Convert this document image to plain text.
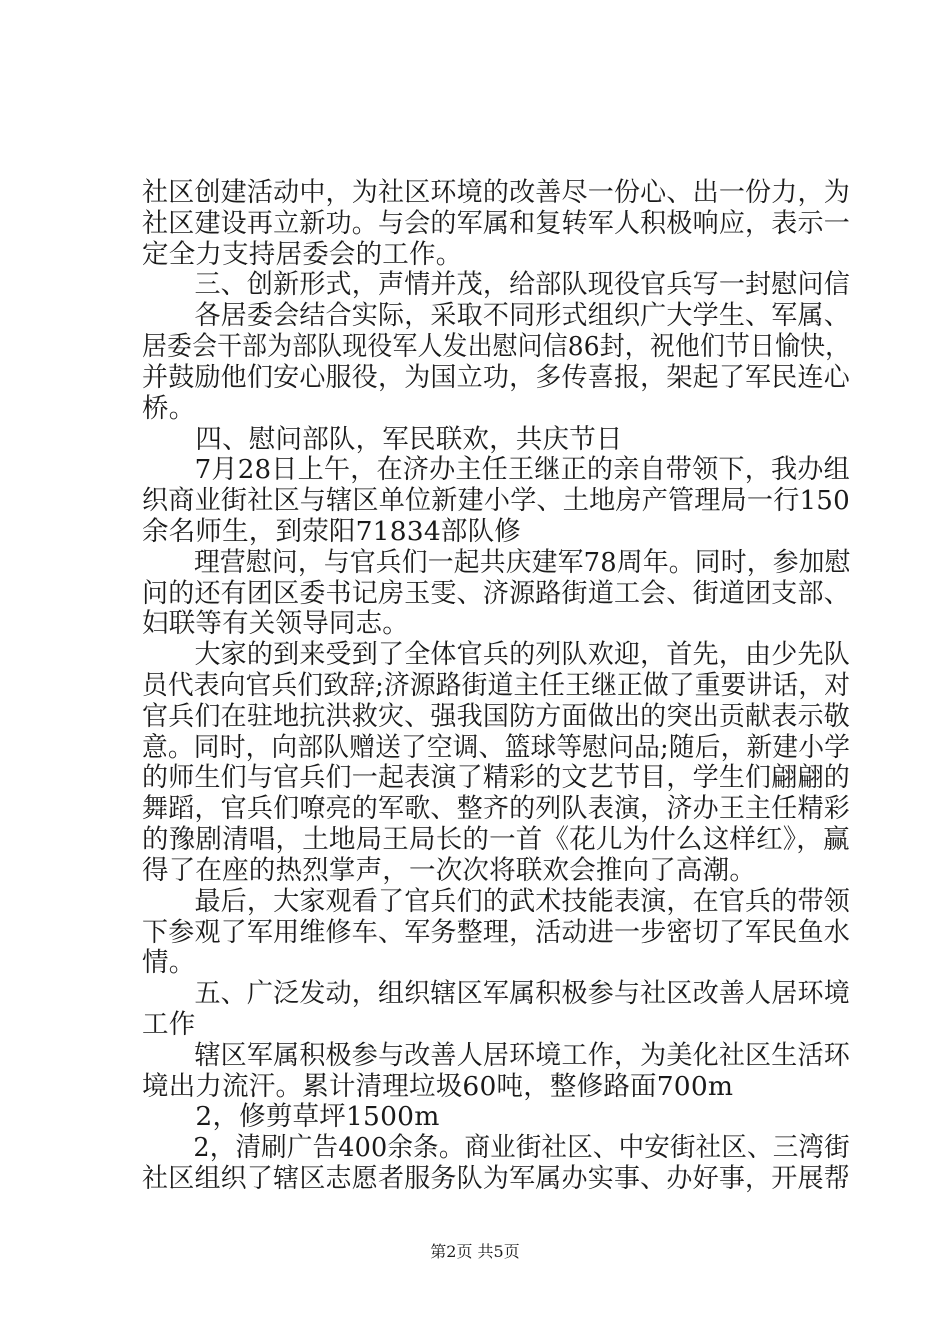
社区创建活动中，为社区环境的改善尽一份心、出一份力，为
社区建设再立新功。与会的军属和复转军人积极响应，表示一
定全力支持居委会的工作。
　　三、创新形式，声情并茂，给部队现役官兵写一封慰问信
　　各居委会结合实际，采取不同形式组织广大学生、军属、
居委会干部为部队现役军人发出慰问信86封，祝他们节日愉快，
并鼓励他们安心服役，为国立功，多传喜报，架起了军民连心
桥。
　　四、慰问部队，军民联欢，共庆节日
　　7月28日上午，在济办主任王继正的亲自带领下，我办组
织商业街社区与辖区单位新建小学、土地房产管理局一行150
余名师生，到荥阳71834部队修
　　理营慰问，与官兵们一起共庆建军78周年。同时，参加慰
问的还有团区委书记房玉雯、济源路街道工会、街道团支部、
妇联等有关领导同志。
　　大家的到来受到了全体官兵的列队欢迎，首先，由少先队
员代表向官兵们致辞;济源路街道主任王继正做了重要讲话，对
官兵们在驻地抗洪救灾、强我国防方面做出的突出贡献表示敬
意。同时，向部队赠送了空调、篮球等慰问品;随后，新建小学
的师生们与官兵们一起表演了精彩的文艺节目，学生们翩翩的
舞蹈，官兵们嘹亮的军歌、整齐的列队表演，济办王主任精彩
的豫剧清唱，土地局王局长的一首《花儿为什么这样红》，赢
得了在座的热烈掌声，一次次将联欢会推向了高潮。
　　最后，大家观看了官兵们的武术技能表演，在官兵的带领
下参观了军用维修车、军务整理，活动进一步密切了军民鱼水
情。
　　五、广泛发动，组织辖区军属积极参与社区改善人居环境
工作
　　辖区军属积极参与改善人居环境工作，为美化社区生活环
境出力流汗。累计清理垃圾60吨，整修路面700m
　　2，修剪草坪1500m
　　2，清刷广告400余条。商业街社区、中安街社区、三湾街
社区组织了辖区志愿者服务队为军属办实事、办好事，开展帮
第2页 共5页
